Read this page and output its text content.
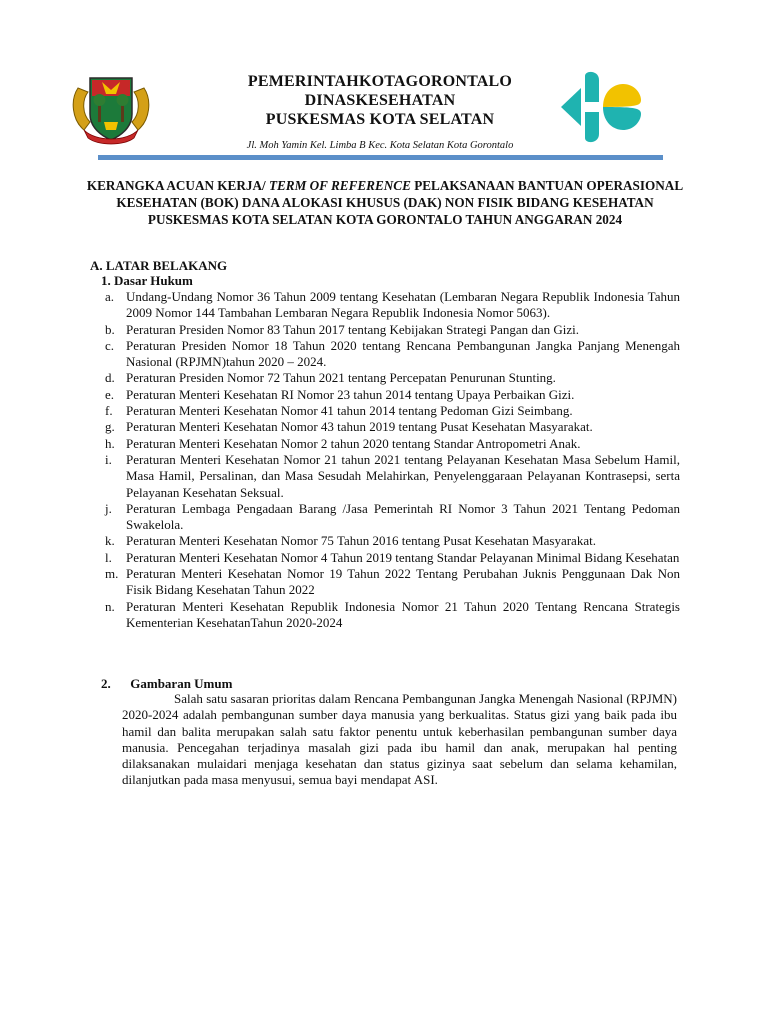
PEMERINTAHKOTAGORONTALO
DINASKESEHATAN
PUSKESMAS KOTA SELATAN
Jl. Moh Yamin Kel. Limba B Kec. Kota Selatan Kota Gorontalo
KERANGKA ACUAN KERJA/ TERM OF REFERENCE PELAKSANAAN BANTUAN OPERASIONAL KESEHATAN (BOK) DANA ALOKASI KHUSUS (DAK) NON FISIK BIDANG KESEHATAN PUSKESMAS KOTA SELATAN KOTA GORONTALO TAHUN ANGGARAN 2024
A. LATAR BELAKANG
1. Dasar Hukum
a. Undang-Undang Nomor 36 Tahun 2009 tentang Kesehatan (Lembaran Negara Republik Indonesia Tahun 2009 Nomor 144 Tambahan Lembaran Negara Republik Indonesia Nomor 5063).
b. Peraturan Presiden Nomor 83 Tahun 2017 tentang Kebijakan Strategi Pangan dan Gizi.
c. Peraturan Presiden Nomor 18 Tahun 2020 tentang Rencana Pembangunan Jangka Panjang Menengah Nasional (RPJMN)tahun 2020 – 2024.
d. Peraturan Presiden Nomor 72 Tahun 2021 tentang Percepatan Penurunan Stunting.
e. Peraturan Menteri Kesehatan RI Nomor 23 tahun 2014 tentang Upaya Perbaikan Gizi.
f. Peraturan Menteri Kesehatan Nomor 41 tahun 2014 tentang Pedoman Gizi Seimbang.
g. Peraturan Menteri Kesehatan Nomor 43 tahun 2019 tentang Pusat Kesehatan Masyarakat.
h. Peraturan Menteri Kesehatan Nomor 2 tahun 2020 tentang Standar Antropometri Anak.
i. Peraturan Menteri Kesehatan Nomor 21 tahun 2021 tentang Pelayanan Kesehatan Masa Sebelum Hamil, Masa Hamil, Persalinan, dan Masa Sesudah Melahirkan, Penyelenggaraan Pelayanan Kontrasepsi, serta Pelayanan Kesehatan Seksual.
j. Peraturan Lembaga Pengadaan Barang /Jasa Pemerintah RI Nomor 3 Tahun 2021 Tentang Pedoman Swakelola.
k. Peraturan Menteri Kesehatan Nomor 75 Tahun 2016 tentang Pusat Kesehatan Masyarakat.
l. Peraturan Menteri Kesehatan Nomor 4 Tahun 2019 tentang Standar Pelayanan Minimal Bidang Kesehatan
m. Peraturan Menteri Kesehatan Nomor 19 Tahun 2022 Tentang Perubahan Juknis Penggunaan Dak Non Fisik Bidang Kesehatan Tahun 2022
n. Peraturan Menteri Kesehatan Republik Indonesia Nomor 21 Tahun 2020 Tentang Rencana Strategis Kementerian KesehatanTahun 2020-2024
2.      Gambaran Umum

Salah satu sasaran prioritas dalam Rencana Pembangunan Jangka Menengah Nasional (RPJMN) 2020-2024 adalah pembangunan sumber daya manusia yang berkualitas. Status gizi yang baik pada ibu hamil dan balita merupakan salah satu faktor penentu untuk keberhasilan pembangunan sumber daya manusia. Pencegahan terjadinya masalah gizi pada ibu hamil dan anak, merupakan hal penting dilaksanakan mulaidari menjaga kesehatan dan status gizinya saat sebelum dan selama kehamilan, dilanjutkan pada masa menyusui, semua bayi mendapat ASI.
